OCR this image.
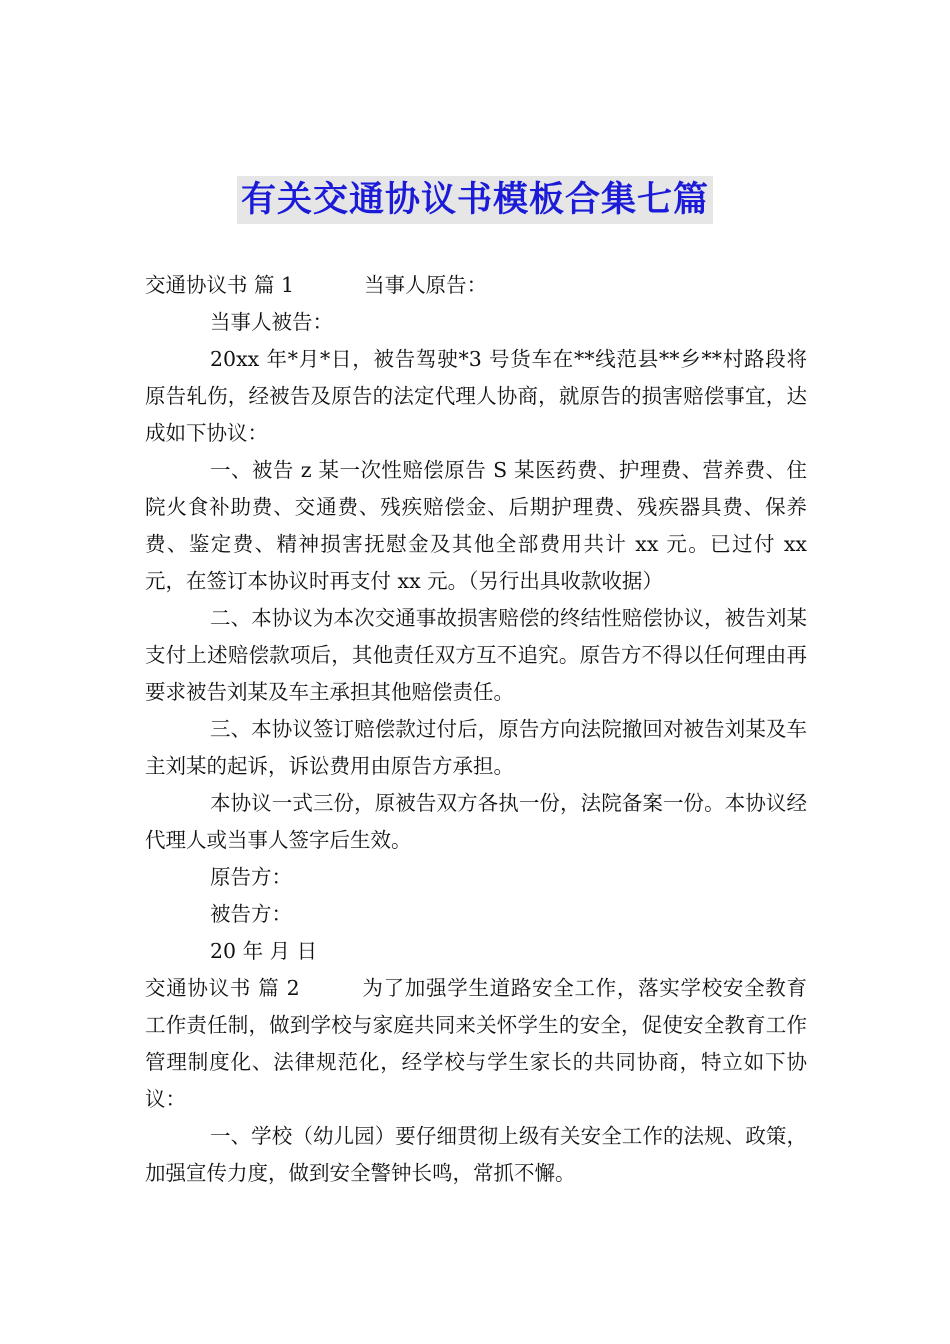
有关交通协议书模板合集七篇

交通协议书 篇 1	当事人原告：

当事人被告：

20xx 年*月*日，被告驾驶*3 号货车在**线范县**乡**村路段将原告轧伤，经被告及原告的法定代理人协商，就原告的损害赔偿事宜，达成如下协议：

一、被告 z 某一次性赔偿原告 S 某医药费、护理费、营养费、住院火食补助费、交通费、残疾赔偿金、后期护理费、残疾器具费、保养费、鉴定费、精神损害抚慰金及其他全部费用共计 xx 元。已过付 xx 元，在签订本协议时再支付 xx 元。（另行出具收款收据）

二、本协议为本次交通事故损害赔偿的终结性赔偿协议，被告刘某支付上述赔偿款项后，其他责任双方互不追究。原告方不得以任何理由再要求被告刘某及车主承担其他赔偿责任。

三、本协议签订赔偿款过付后，原告方向法院撤回对被告刘某及车主刘某的起诉，诉讼费用由原告方承担。

本协议一式三份，原被告双方各执一份，法院备案一份。本协议经代理人或当事人签字后生效。

原告方：

被告方：

20 年 月 日

交通协议书 篇 2	为了加强学生道路安全工作，落实学校安全教育工作责任制，做到学校与家庭共同来关怀学生的安全，促使安全教育工作管理制度化、法律规范化，经学校与学生家长的共同协商，特立如下协议：

一、学校（幼儿园）要仔细贯彻上级有关安全工作的法规、政策，加强宣传力度，做到安全警钟长鸣，常抓不懈。
